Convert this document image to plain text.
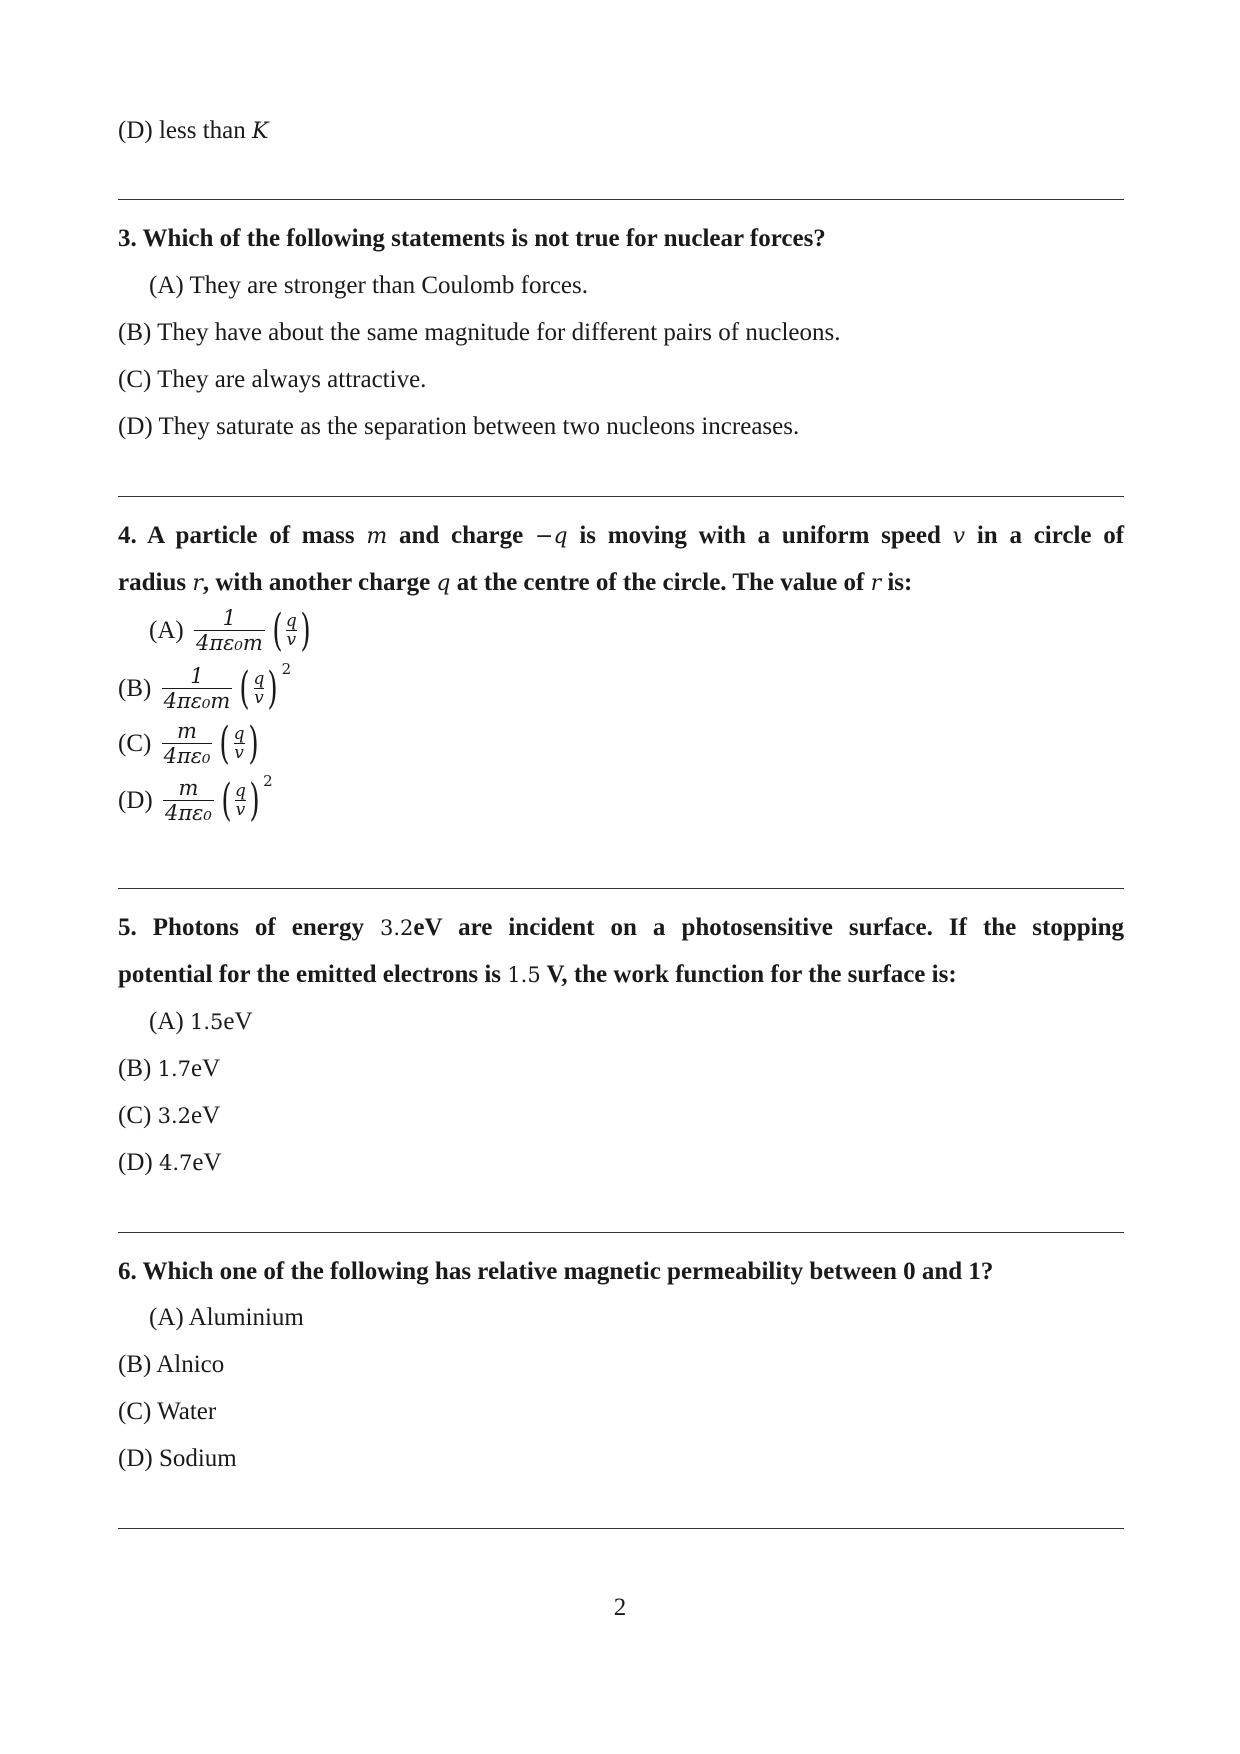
(D) less than K
3. Which of the following statements is not true for nuclear forces?
(A) They are stronger than Coulomb forces.
(B) They have about the same magnitude for different pairs of nucleons.
(C) They are always attractive.
(D) They saturate as the separation between two nucleons increases.
4. A particle of mass m and charge −q is moving with a uniform speed v in a circle of
radius r, with another charge q at the centre of the circle. The value of r is:
$(A) \frac{1}{\text{4πε₀m}}$ ( $\frac{q}{v}$ )
$(B) \frac{1}{\text{4πε₀m}}$ ( $\frac{q}{v}$ ) 2
$(C) \frac{m}{\text{4πε₀}}$ ( $\frac{q}{v}$ )
$(D) \frac{m}{\text{4πε₀}}$ ( $\frac{q}{v}$ ) 2
5. Photons of energy 3.2eV are incident on a photosensitive surface. If the stopping
potential for the emitted electrons is 1.5 V, the work function for the surface is:
(A) 1.5eV
(B) 1.7eV
(C) 3.2eV
(D) 4.7eV
6. Which one of the following has relative magnetic permeability between 0 and 1?
(A) Aluminium
(B) Alnico
(C) Water
(D) Sodium
2
